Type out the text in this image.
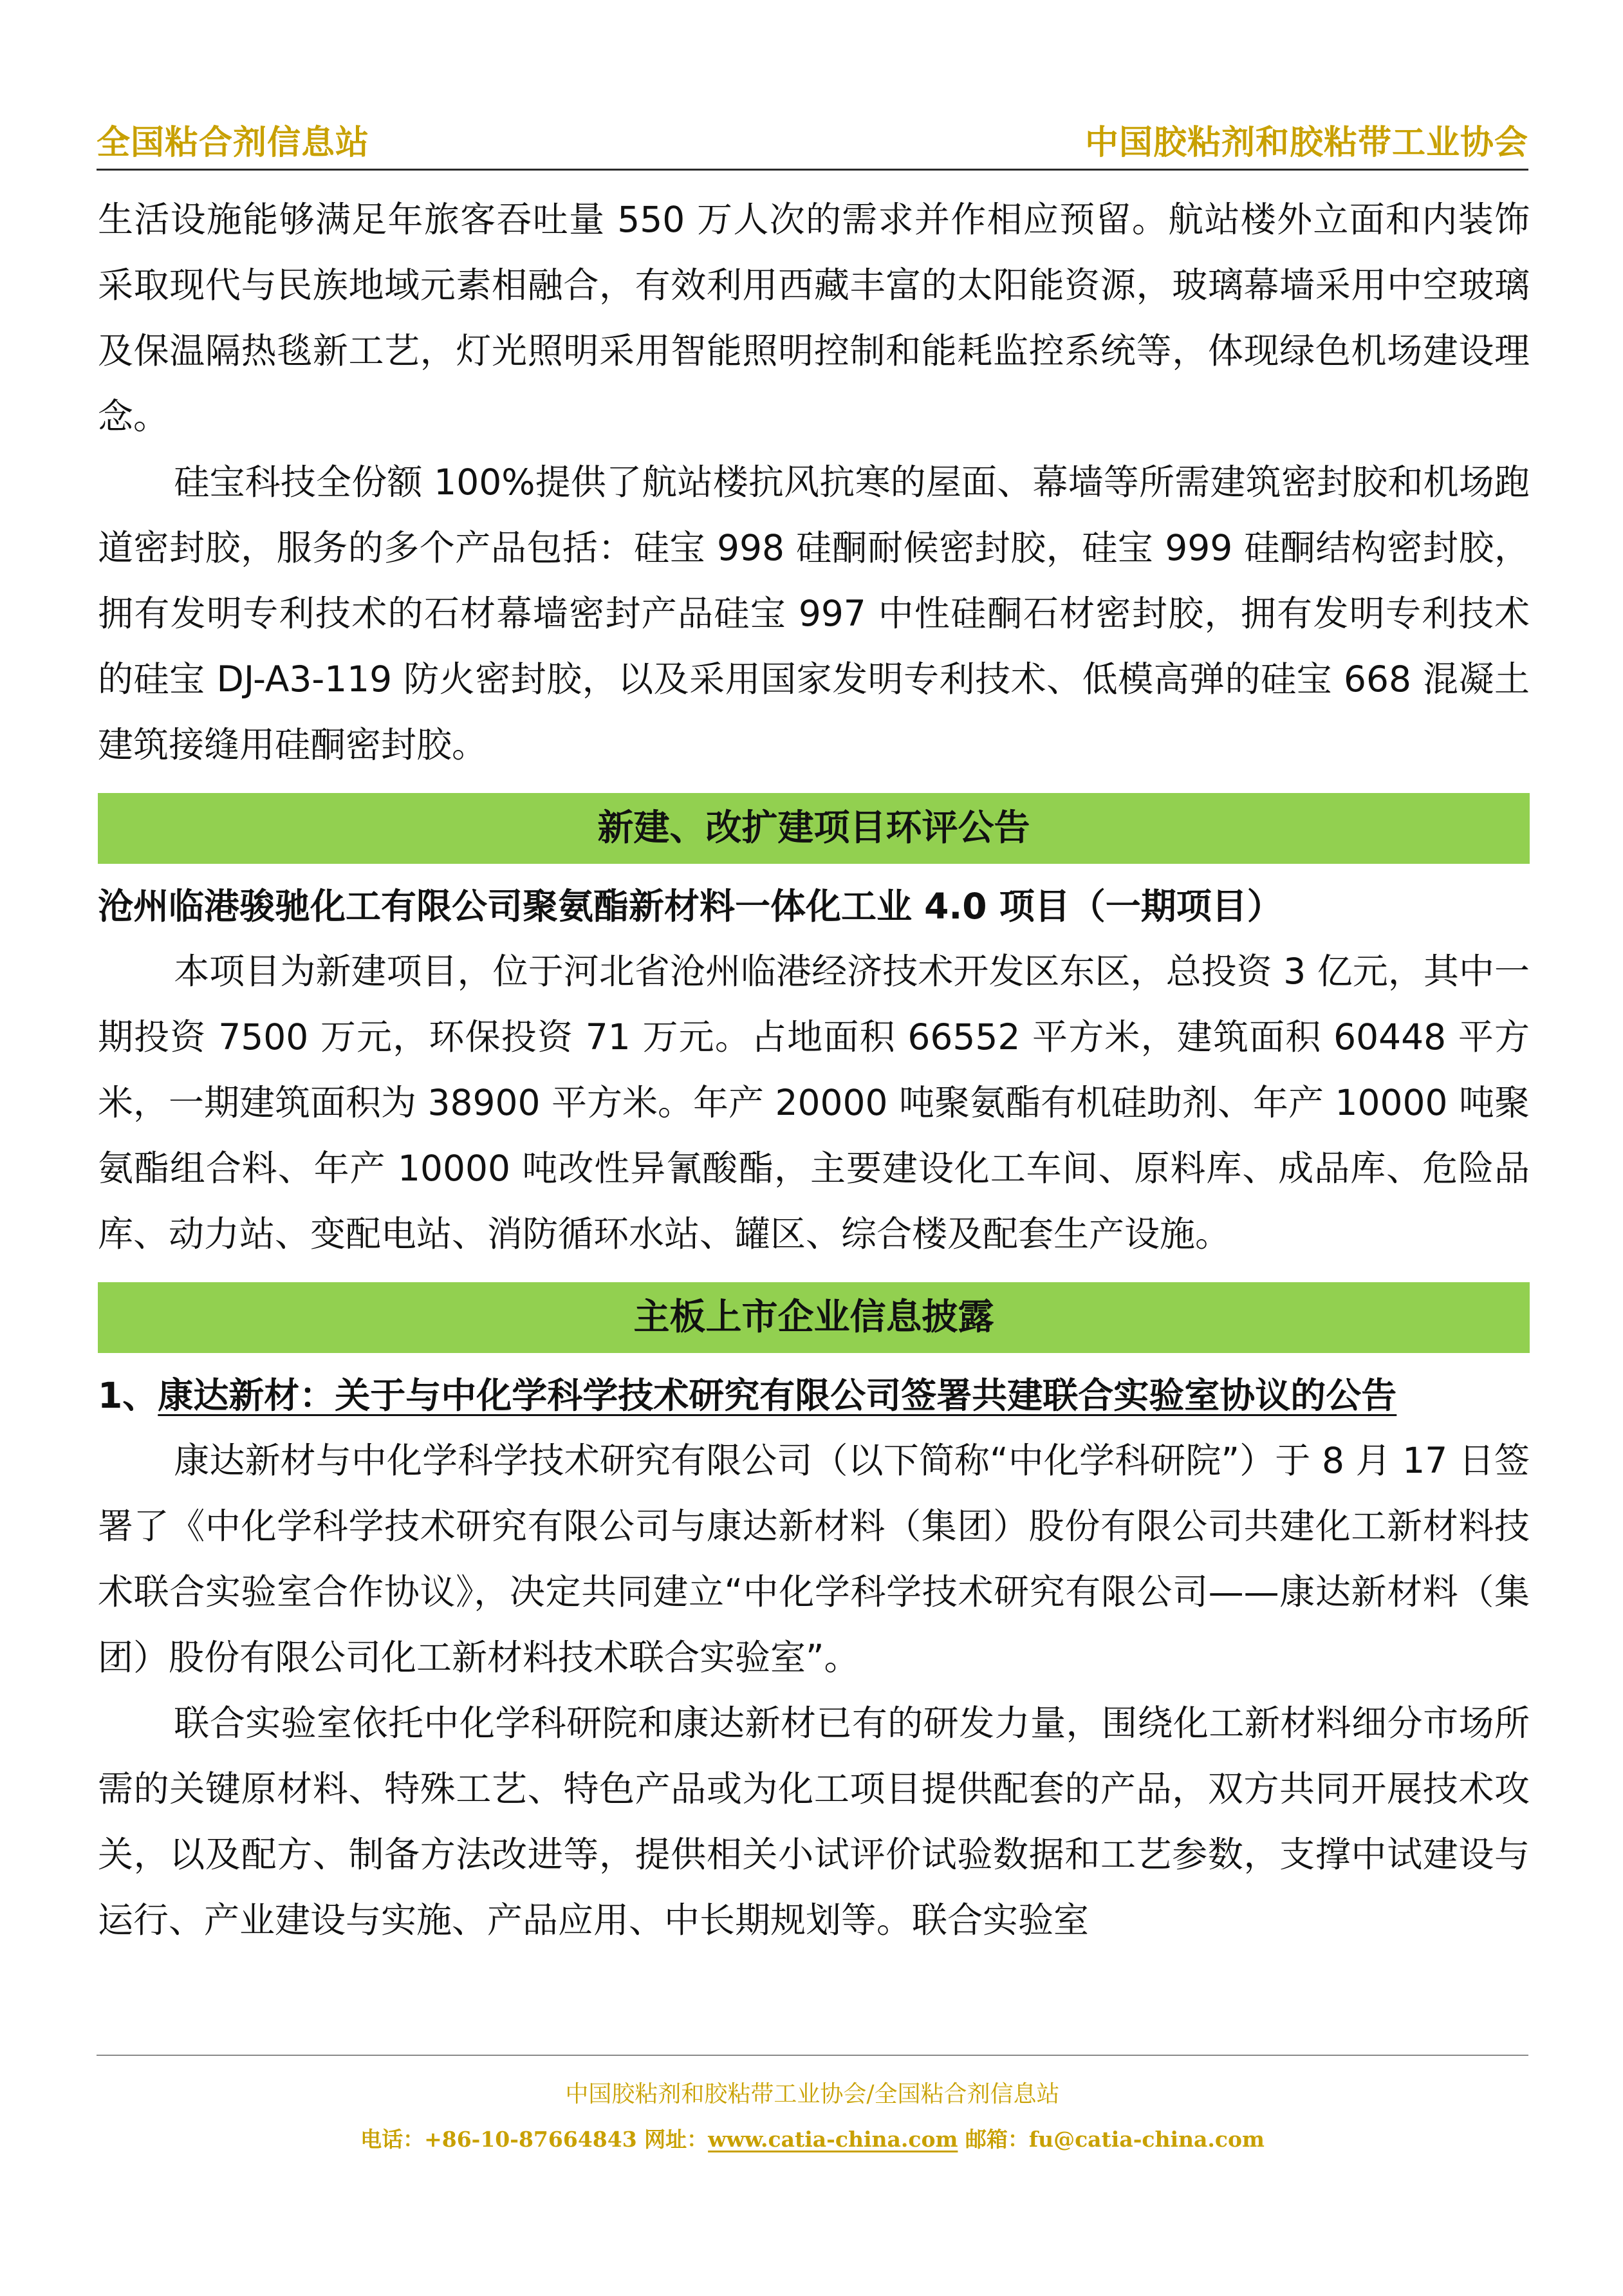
全国粘合剂信息站	中国胶粘剂和胶粘带工业协会

生活设施能够满足年旅客吞吐量 550 万人次的需求并作相应预留。航站楼外立面和内装饰采取现代与民族地域元素相融合，有效利用西藏丰富的太阳能资源，玻璃幕墙采用中空玻璃及保温隔热毯新工艺，灯光照明采用智能照明控制和能耗监控系统等，体现绿色机场建设理念。

硅宝科技全份额 100%提供了航站楼抗风抗寒的屋面、幕墙等所需建筑密封胶和机场跑道密封胶，服务的多个产品包括：硅宝 998 硅酮耐候密封胶，硅宝 999 硅酮结构密封胶，拥有发明专利技术的石材幕墙密封产品硅宝 997 中性硅酮石材密封胶，拥有发明专利技术的硅宝 DJ-A3-119 防火密封胶，以及采用国家发明专利技术、低模高弹的硅宝 668 混凝土建筑接缝用硅酮密封胶。

新建、改扩建项目环评公告

沧州临港骏驰化工有限公司聚氨酯新材料一体化工业 4.0 项目（一期项目）

本项目为新建项目，位于河北省沧州临港经济技术开发区东区，总投资 3 亿元，其中一期投资 7500 万元，环保投资 71 万元。占地面积 66552 平方米，建筑面积 60448 平方米，一期建筑面积为 38900 平方米。年产 20000 吨聚氨酯有机硅助剂、年产 10000 吨聚氨酯组合料、年产 10000 吨改性异氰酸酯，主要建设化工车间、原料库、成品库、危险品库、动力站、变配电站、消防循环水站、罐区、综合楼及配套生产设施。

主板上市企业信息披露

1、康达新材：关于与中化学科学技术研究有限公司签署共建联合实验室协议的公告

康达新材与中化学科学技术研究有限公司（以下简称“中化学科研院”）于 8 月 17 日签署了《中化学科学技术研究有限公司与康达新材料（集团）股份有限公司共建化工新材料技术联合实验室合作协议》，决定共同建立“中化学科学技术研究有限公司——康达新材料（集团）股份有限公司化工新材料技术联合实验室”。

联合实验室依托中化学科研院和康达新材已有的研发力量，围绕化工新材料细分市场所需的关键原材料、特殊工艺、特色产品或为化工项目提供配套的产品，双方共同开展技术攻关，以及配方、制备方法改进等，提供相关小试评价试验数据和工艺参数，支撑中试建设与运行、产业建设与实施、产品应用、中长期规划等。联合实验室

中国胶粘剂和胶粘带工业协会/全国粘合剂信息站
电话：+86-10-87664843 网址：www.catia-china.com 邮箱：fu@catia-china.com
